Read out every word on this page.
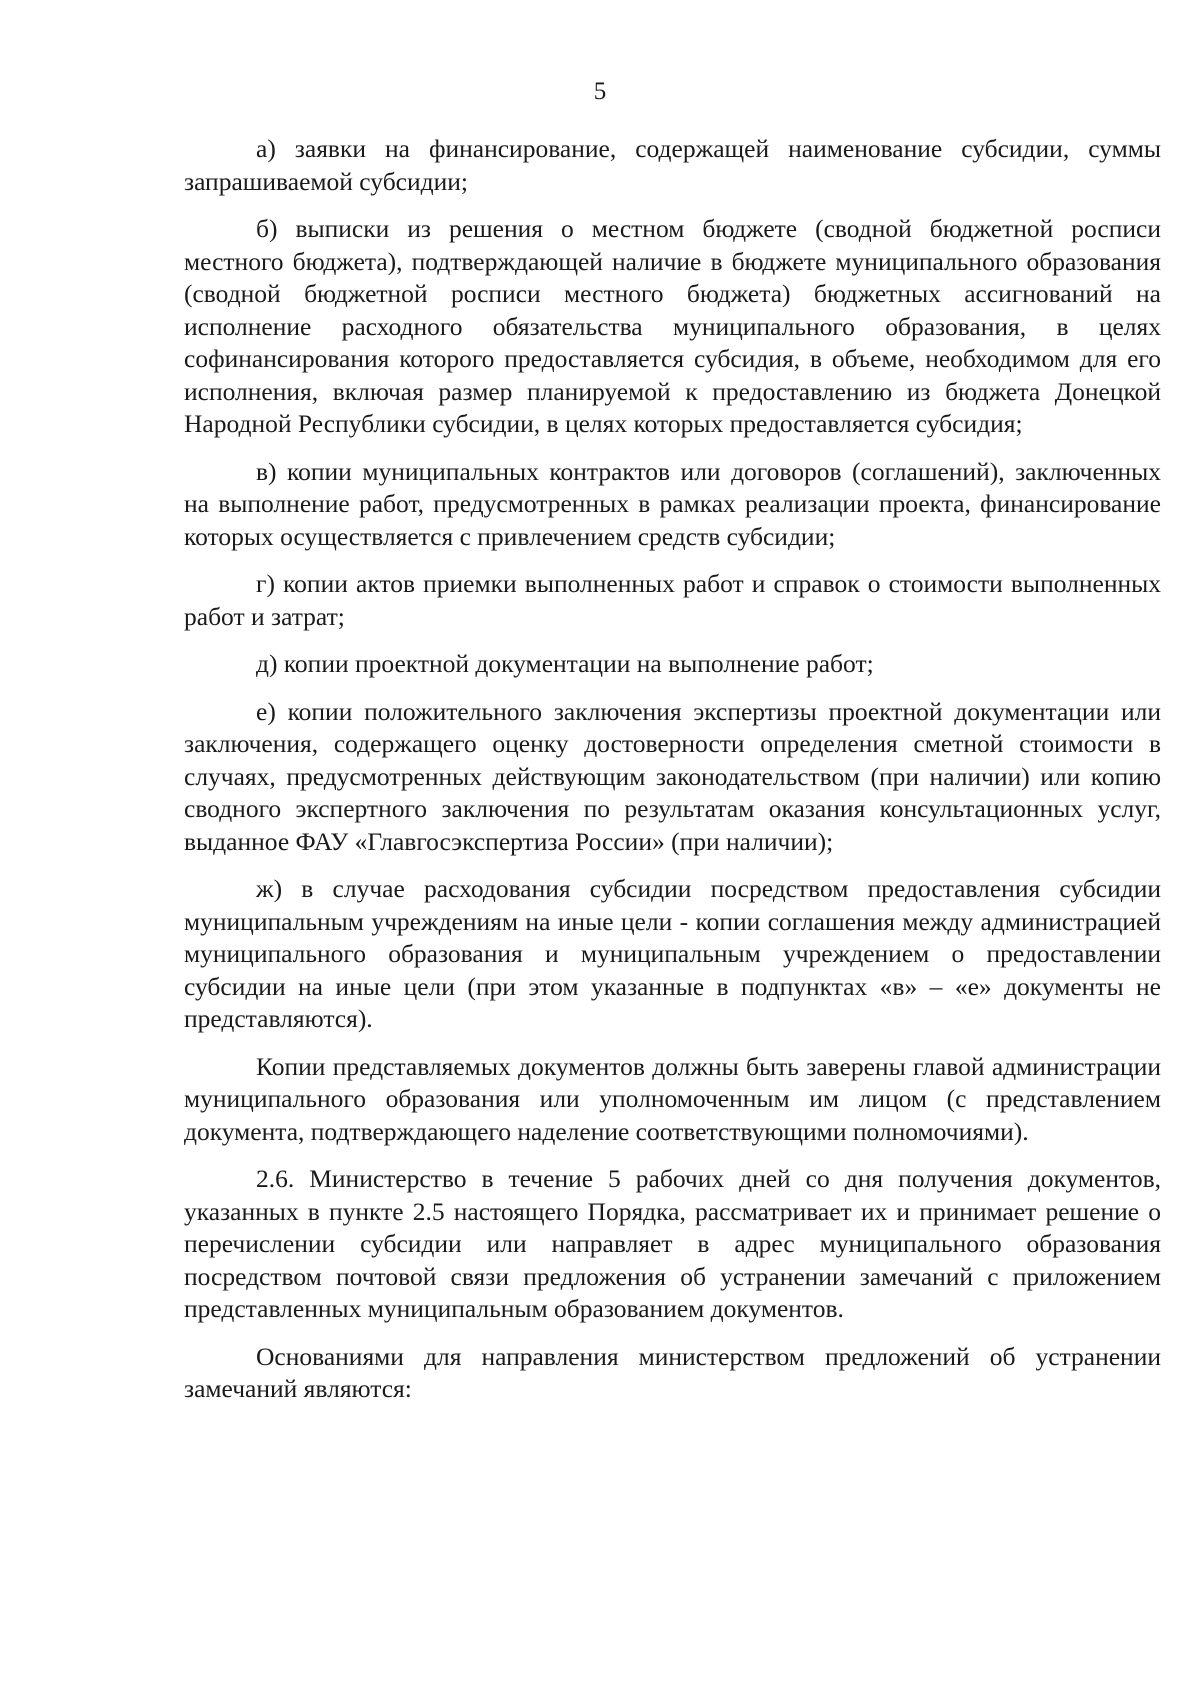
5

а) заявки на финансирование, содержащей наименование субсидии, суммы запрашиваемой субсидии;

б) выписки из решения о местном бюджете (сводной бюджетной росписи местного бюджета), подтверждающей наличие в бюджете муниципального образования (сводной бюджетной росписи местного бюджета) бюджетных ассигнований на исполнение расходного обязательства муниципального образования, в целях софинансирования которого предоставляется субсидия, в объеме, необходимом для его исполнения, включая размер планируемой к предоставлению из бюджета Донецкой Народной Республики субсидии, в целях которых предоставляется субсидия;

в) копии муниципальных контрактов или договоров (соглашений), заключенных на выполнение работ, предусмотренных в рамках реализации проекта, финансирование которых осуществляется с привлечением средств субсидии;

г) копии актов приемки выполненных работ и справок о стоимости выполненных работ и затрат;

д) копии проектной документации на выполнение работ;

е) копии положительного заключения экспертизы проектной документации или заключения, содержащего оценку достоверности определения сметной стоимости в случаях, предусмотренных действующим законодательством (при наличии) или копию сводного экспертного заключения по результатам оказания консультационных услуг, выданное ФАУ «Главгосэкспертиза России» (при наличии);

ж) в случае расходования субсидии посредством предоставления субсидии муниципальным учреждениям на иные цели - копии соглашения между администрацией муниципального образования и муниципальным учреждением о предоставлении субсидии на иные цели (при этом указанные в подпунктах «в» – «е» документы не представляются).

Копии представляемых документов должны быть заверены главой администрации муниципального образования или уполномоченным им лицом (с представлением документа, подтверждающего наделение соответствующими полномочиями).

2.6. Министерство в течение 5 рабочих дней со дня получения документов, указанных в пункте 2.5 настоящего Порядка, рассматривает их и принимает решение о перечислении субсидии или направляет в адрес муниципального образования посредством почтовой связи предложения об устранении замечаний с приложением представленных муниципальным образованием документов.

Основаниями для направления министерством предложений об устранении замечаний являются:
